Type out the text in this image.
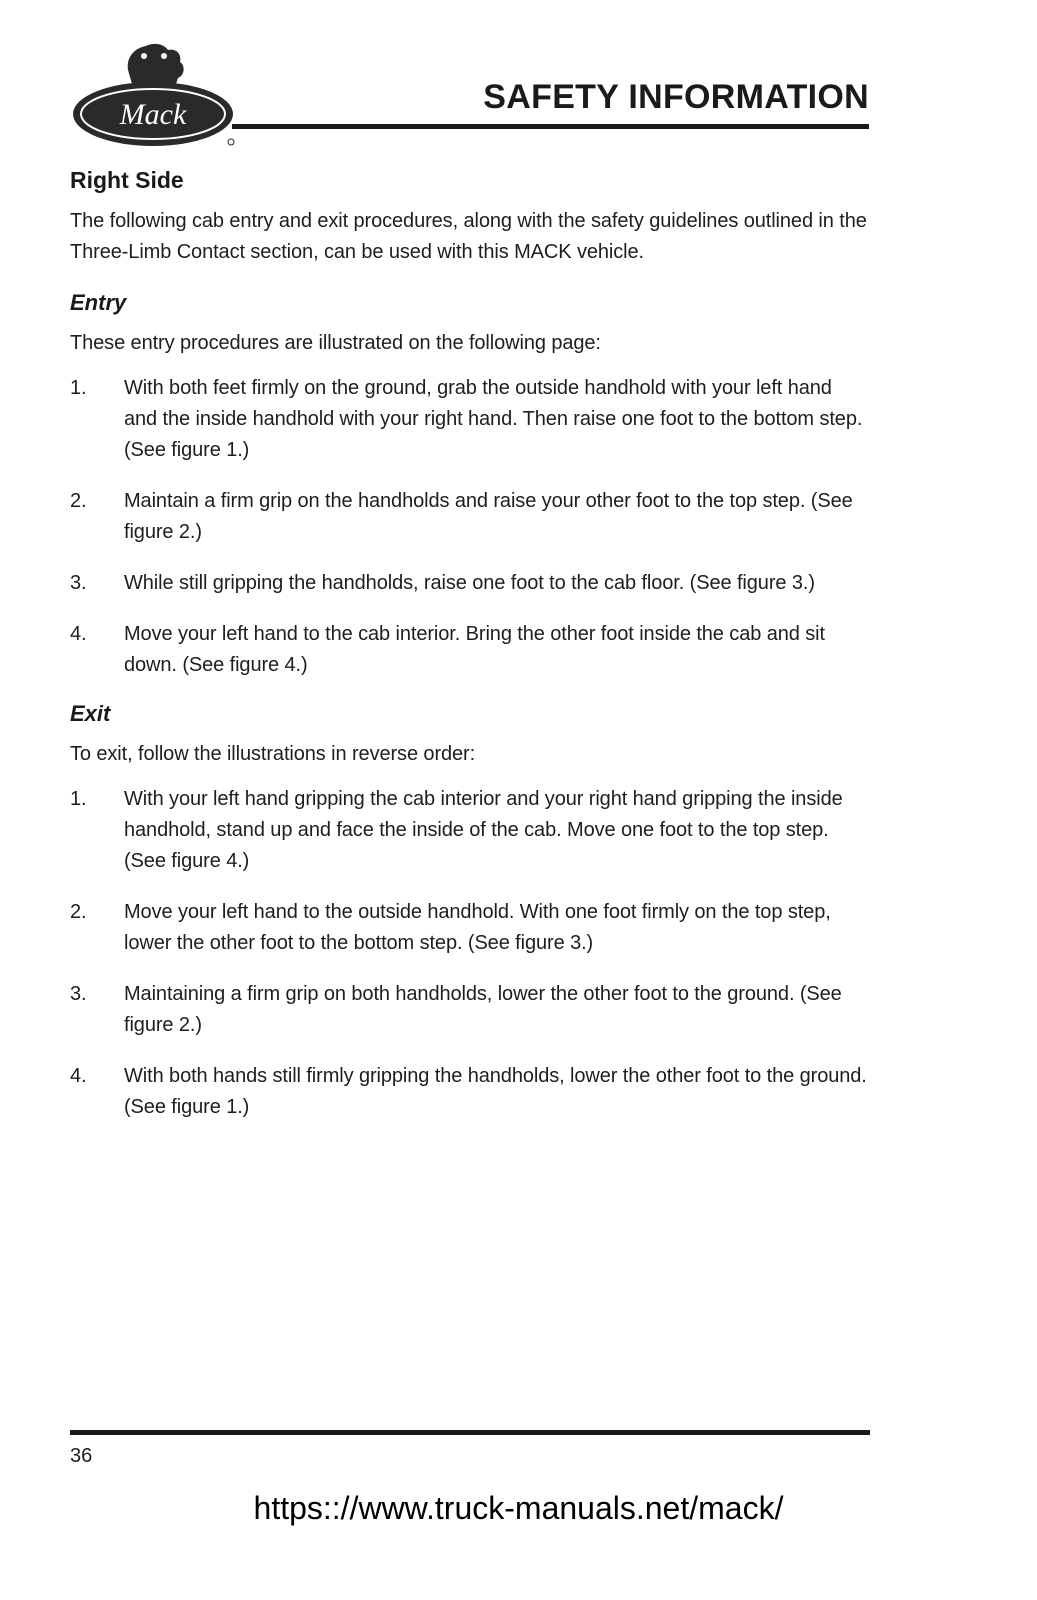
Mack	SAFETY INFORMATION
Right Side

The following cab entry and exit procedures, along with the safety guidelines outlined in the Three-Limb Contact section, can be used with this MACK vehicle.

Entry

These entry procedures are illustrated on the following page:

1.	With both feet firmly on the ground, grab the outside handhold with your left hand and the inside handhold with your right hand. Then raise one foot to the bottom step. (See figure 1.)
2.	Maintain a firm grip on the handholds and raise your other foot to the top step. (See figure 2.)
3.	While still gripping the handholds, raise one foot to the cab floor. (See figure 3.)
4.	Move your left hand to the cab interior. Bring the other foot inside the cab and sit down. (See figure 4.)
Exit

To exit, follow the illustrations in reverse order:

1.	With your left hand gripping the cab interior and your right hand gripping the inside handhold, stand up and face the inside of the cab. Move one foot to the top step. (See figure 4.)
2.	Move your left hand to the outside handhold. With one foot firmly on the top step, lower the other foot to the bottom step. (See figure 3.)
3.	Maintaining a firm grip on both handholds, lower the other foot to the ground. (See figure 2.)
4.	With both hands still firmly gripping the handholds, lower the other foot to the ground. (See figure 1.)
36
https:://www.truck-manuals.net/mack/
